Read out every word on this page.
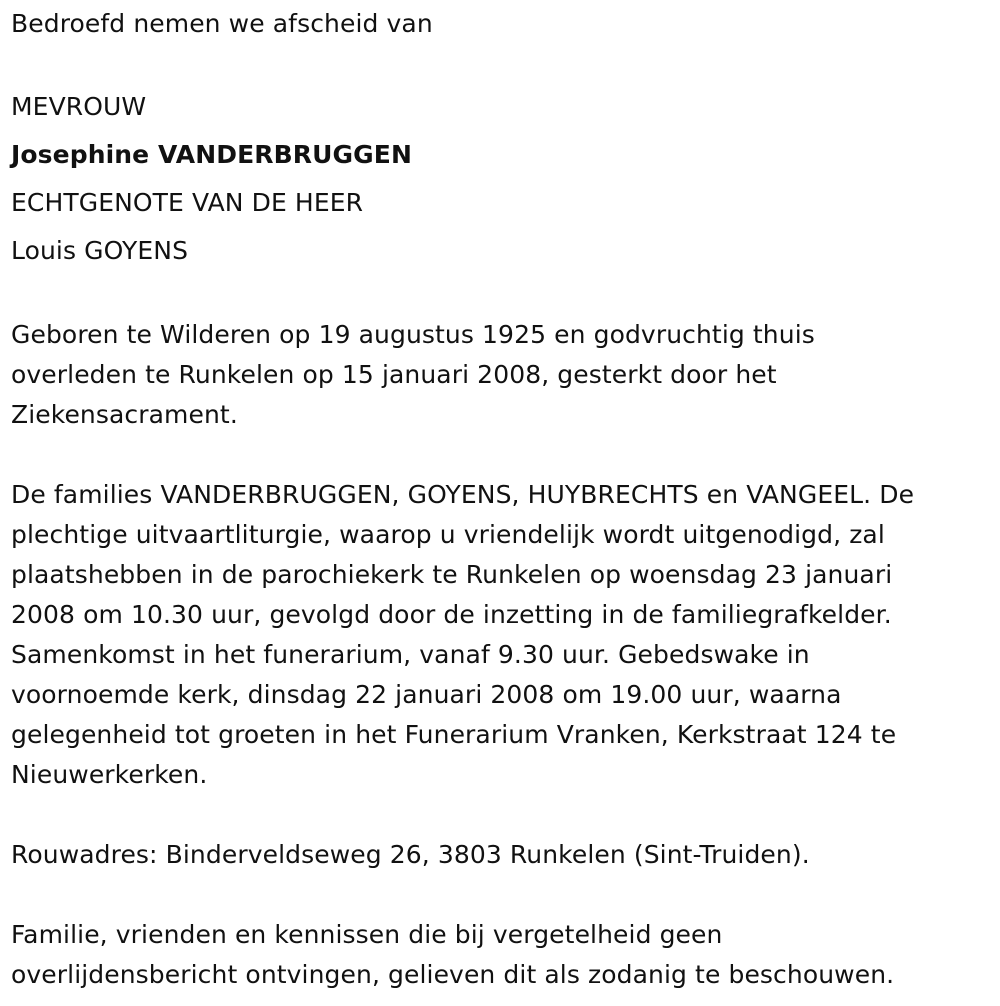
Bedroefd nemen we afscheid van

MEVROUW

Josephine VANDERBRUGGEN

ECHTGENOTE VAN DE HEER

Louis GOYENS

Geboren te Wilderen op 19 augustus 1925 en godvruchtig thuis

overleden te Runkelen op 15 januari 2008, gesterkt door het

Ziekensacrament.

De families VANDERBRUGGEN, GOYENS, HUYBRECHTS en VANGEEL. De

plechtige uitvaartliturgie, waarop u vriendelijk wordt uitgenodigd, zal

plaatshebben in de parochiekerk te Runkelen op woensdag 23 januari

2008 om 10.30 uur, gevolgd door de inzetting in de familiegrafkelder.

Samenkomst in het funerarium, vanaf 9.30 uur. Gebedswake in

voornoemde kerk, dinsdag 22 januari 2008 om 19.00 uur, waarna

gelegenheid tot groeten in het Funerarium Vranken, Kerkstraat 124 te

Nieuwerkerken.

Rouwadres: Binderveldseweg 26, 3803 Runkelen (Sint-Truiden).

Familie, vrienden en kennissen die bij vergetelheid geen

overlijdensbericht ontvingen, gelieven dit als zodanig te beschouwen.
